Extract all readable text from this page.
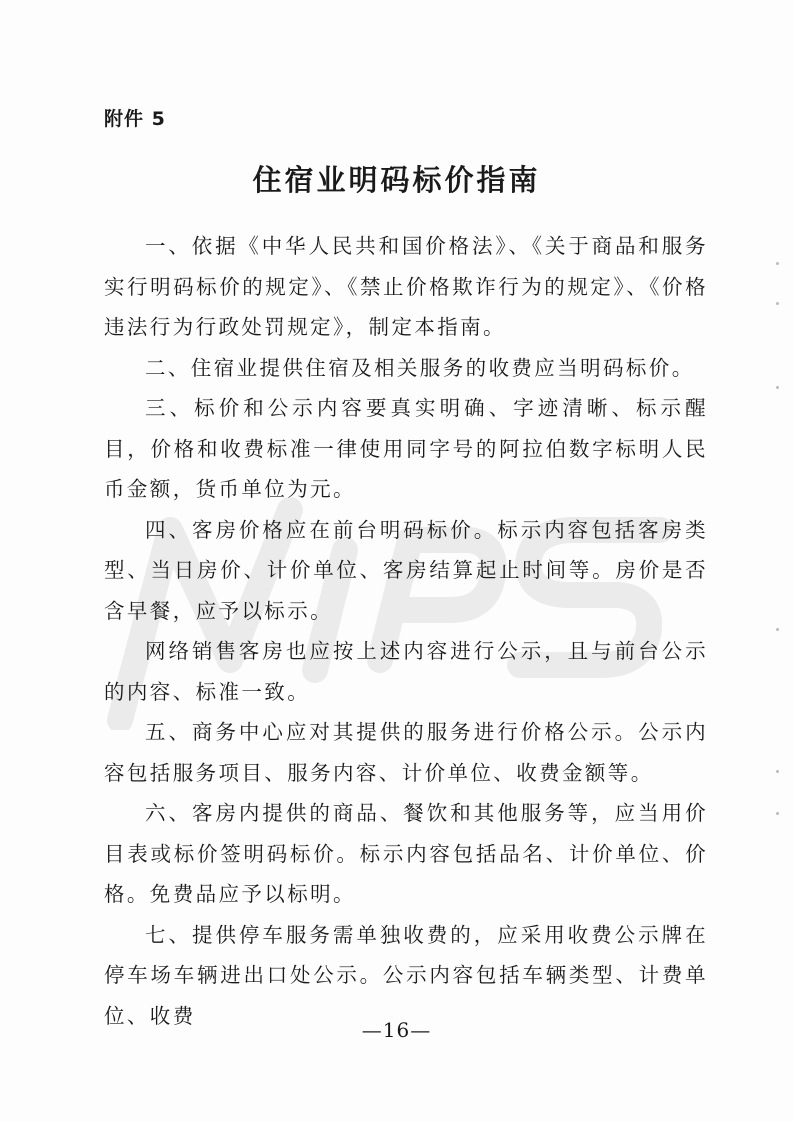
附件 5
住宿业明码标价指南

一、依据《中华人民共和国价格法》、《关于商品和服务实行明码标价的规定》、《禁止价格欺诈行为的规定》、《价格违法行为行政处罚规定》，制定本指南。

二、住宿业提供住宿及相关服务的收费应当明码标价。

三、标价和公示内容要真实明确、字迹清晰、标示醒目，价格和收费标准一律使用同字号的阿拉伯数字标明人民币金额，货币单位为元。

四、客房价格应在前台明码标价。标示内容包括客房类型、当日房价、计价单位、客房结算起止时间等。房价是否含早餐，应予以标示。

网络销售客房也应按上述内容进行公示，且与前台公示的内容、标准一致。

五、商务中心应对其提供的服务进行价格公示。公示内容包括服务项目、服务内容、计价单位、收费金额等。

六、客房内提供的商品、餐饮和其他服务等，应当用价目表或标价签明码标价。标示内容包括品名、计价单位、价格。免费品应予以标明。

七、提供停车服务需单独收费的，应采用收费公示牌在停车场车辆进出口处公示。公示内容包括车辆类型、计费单位、收费

—16—
